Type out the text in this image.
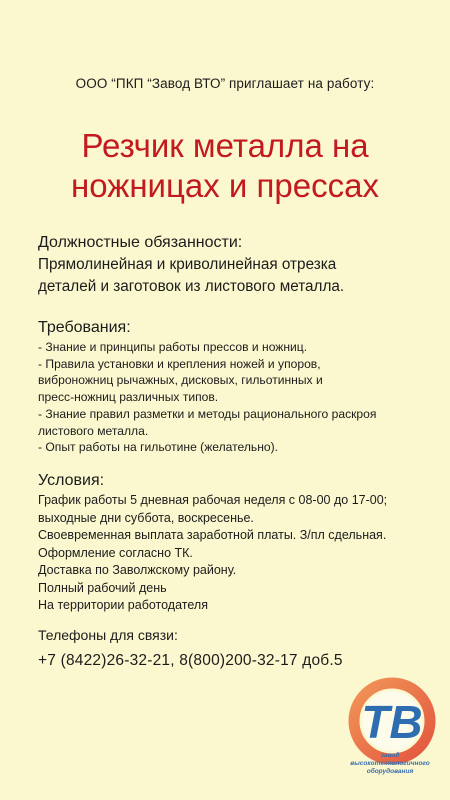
ООО “ПКП “Завод ВТО” приглашает на работу:
Резчик металла на
ножницах и прессах
Должностные обязанности:
Прямолинейная и криволинейная отрезка
деталей и заготовок из листового металла.
Требования:
- Знание и принципы работы прессов и ножниц.
- Правила установки и крепления ножей и упоров,
виброножниц рычажных, дисковых, гильотинных и
пресс-ножниц различных типов.
- Знание правил разметки и методы рационального раскроя
листового металла.
- Опыт работы на гильотине (желательно).
Условия:
График работы 5 дневная рабочая неделя с 08-00 до 17-00;
выходные дни суббота, воскресенье.
Своевременная выплата заработной платы. З/пл сдельная.
Оформление согласно ТК.
Доставка по Заволжскому району.
Полный рабочий день
На территории работодателя
Телефоны для связи:
+7 (8422)26-32-21, 8(800)200-32-17 доб.5
ТВ
завод
высокотехнологичного
оборудования
